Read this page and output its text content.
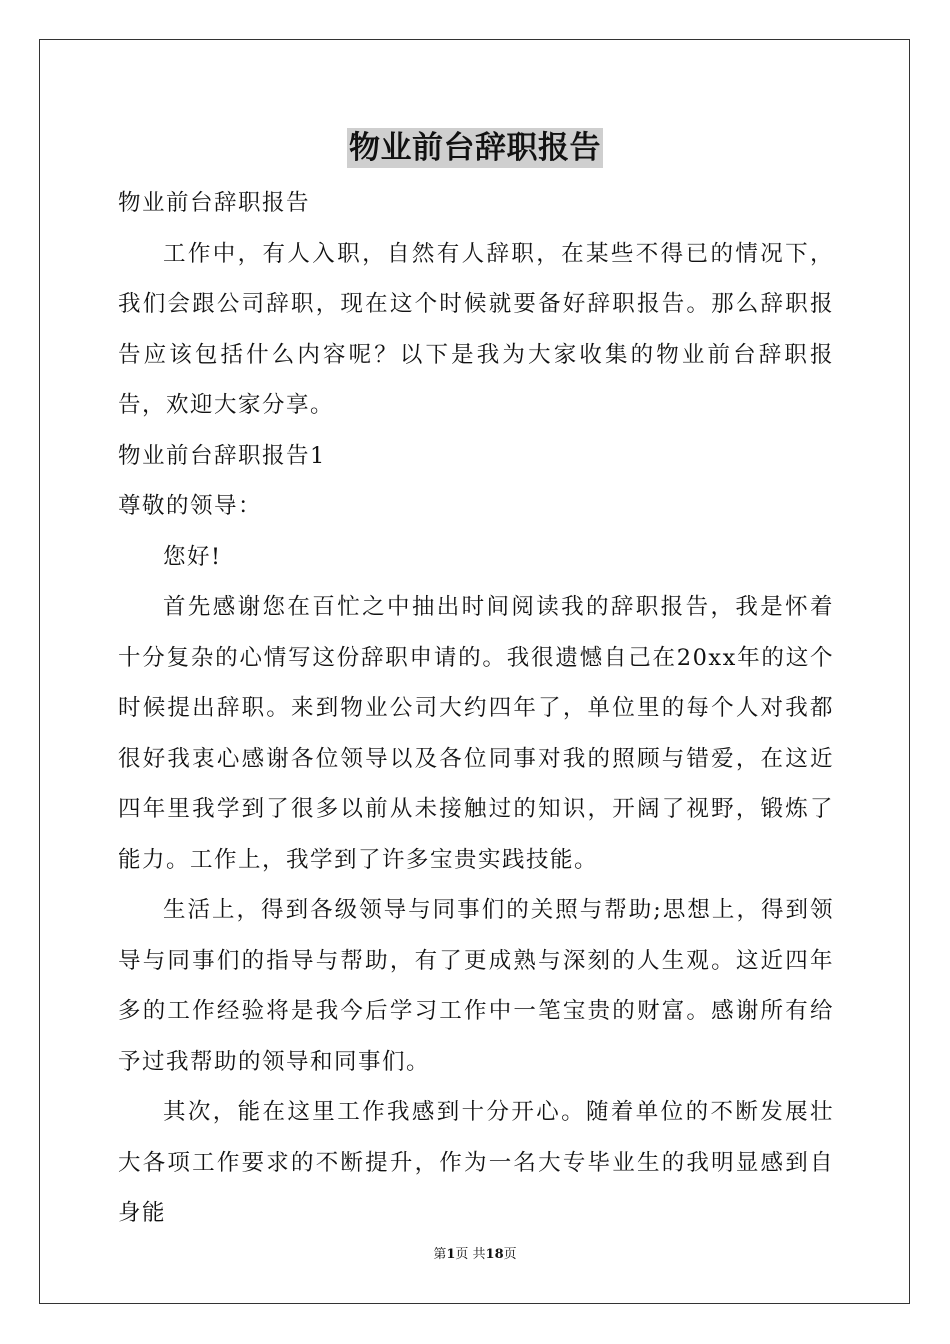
物业前台辞职报告

物业前台辞职报告

工作中，有人入职，自然有人辞职，在某些不得已的情况下，我们会跟公司辞职，现在这个时候就要备好辞职报告。那么辞职报告应该包括什么内容呢？以下是我为大家收集的物业前台辞职报告，欢迎大家分享。

物业前台辞职报告1

尊敬的领导：

您好!

首先感谢您在百忙之中抽出时间阅读我的辞职报告，我是怀着十分复杂的心情写这份辞职申请的。我很遗憾自己在20xx年的这个时候提出辞职。来到物业公司大约四年了，单位里的每个人对我都很好我衷心感谢各位领导以及各位同事对我的照顾与错爱，在这近四年里我学到了很多以前从未接触过的知识，开阔了视野，锻炼了能力。工作上，我学到了许多宝贵实践技能。

生活上，得到各级领导与同事们的关照与帮助;思想上，得到领导与同事们的指导与帮助，有了更成熟与深刻的人生观。这近四年多的工作经验将是我今后学习工作中一笔宝贵的财富。感谢所有给予过我帮助的领导和同事们。

其次，能在这里工作我感到十分开心。随着单位的不断发展壮大各项工作要求的不断提升，作为一名大专毕业生的我明显感到自身能

第1页 共18页
